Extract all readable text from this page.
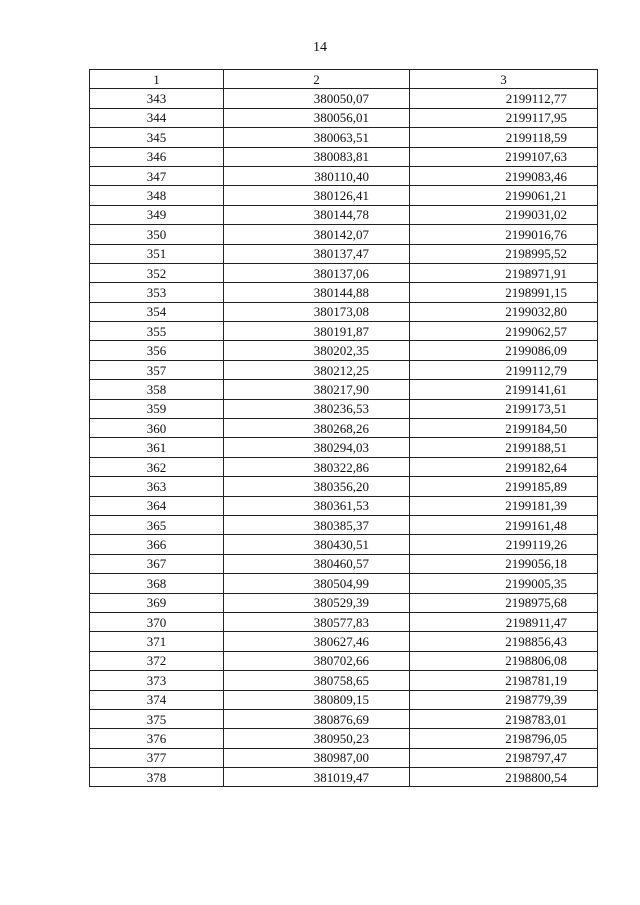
14
1	2	3
343	380050,07	2199112,77
344	380056,01	2199117,95
345	380063,51	2199118,59
346	380083,81	2199107,63
347	380110,40	2199083,46
348	380126,41	2199061,21
349	380144,78	2199031,02
350	380142,07	2199016,76
351	380137,47	2198995,52
352	380137,06	2198971,91
353	380144,88	2198991,15
354	380173,08	2199032,80
355	380191,87	2199062,57
356	380202,35	2199086,09
357	380212,25	2199112,79
358	380217,90	2199141,61
359	380236,53	2199173,51
360	380268,26	2199184,50
361	380294,03	2199188,51
362	380322,86	2199182,64
363	380356,20	2199185,89
364	380361,53	2199181,39
365	380385,37	2199161,48
366	380430,51	2199119,26
367	380460,57	2199056,18
368	380504,99	2199005,35
369	380529,39	2198975,68
370	380577,83	2198911,47
371	380627,46	2198856,43
372	380702,66	2198806,08
373	380758,65	2198781,19
374	380809,15	2198779,39
375	380876,69	2198783,01
376	380950,23	2198796,05
377	380987,00	2198797,47
378	381019,47	2198800,54
